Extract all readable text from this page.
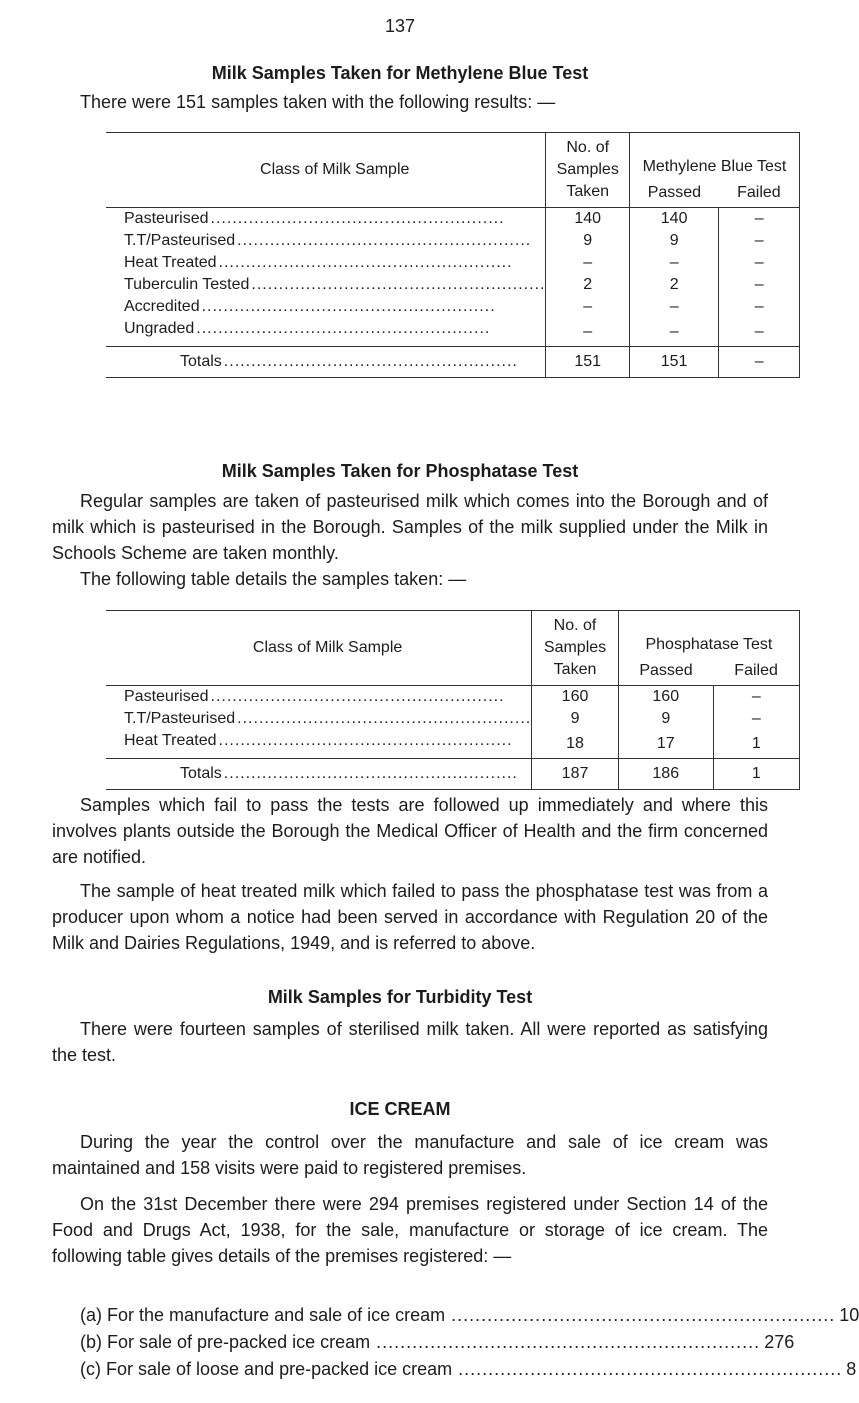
137
Milk Samples Taken for Methylene Blue Test

There were 151 samples taken with the following results: —

Class of Milk Sample	No. of
Samples
Taken	Methylene Blue Test	
		Passed	Failed

Pasteurised ......................................................	140	140	–

T.T/Pasteurised ......................................................	9	9	–

Heat Treated ......................................................	–	–	–

Tuberculin Tested ......................................................	2	2	–

Accredited ......................................................	–	–	–

Ungraded ......................................................	–	–	–

Totals ......................................................	151	151	–
Milk Samples Taken for Phosphatase Test

Regular samples are taken of pasteurised milk which comes into the Borough and of milk which is pasteurised in the Borough. Samples of the milk supplied under the Milk in Schools Scheme are taken monthly.

The following table details the samples taken: —

Class of Milk Sample	No. of
Samples
Taken	Phosphatase Test	
		Passed	Failed

Pasteurised ......................................................	160	160	–

T.T/Pasteurised ......................................................	9	9	–

Heat Treated ......................................................	18	17	1

Totals ......................................................	187	186	1

Samples which fail to pass the tests are followed up immediately and where this involves plants outside the Borough the Medical Officer of Health and the firm concerned are notified.

The sample of heat treated milk which failed to pass the phosphatase test was from a producer upon whom a notice had been served in accordance with Regulation 20 of the Milk and Dairies Regulations, 1949, and is referred to above.

Milk Samples for Turbidity Test

There were fourteen samples of sterilised milk taken. All were reported as satisfying the test.

ICE CREAM

During the year the control over the manufacture and sale of ice cream was maintained and 158 visits were paid to registered premises.

On the 31st December there were 294 premises registered under Section 14 of the Food and Drugs Act, 1938, for the sale, manufacture or storage of ice cream. The following table gives details of the premises registered: —

(a) For the manufacture and sale of ice cream ................................................................ 10
(b) For sale of pre-packed ice cream ................................................................ 276
(c) For sale of loose and pre-packed ice cream ................................................................ 8
